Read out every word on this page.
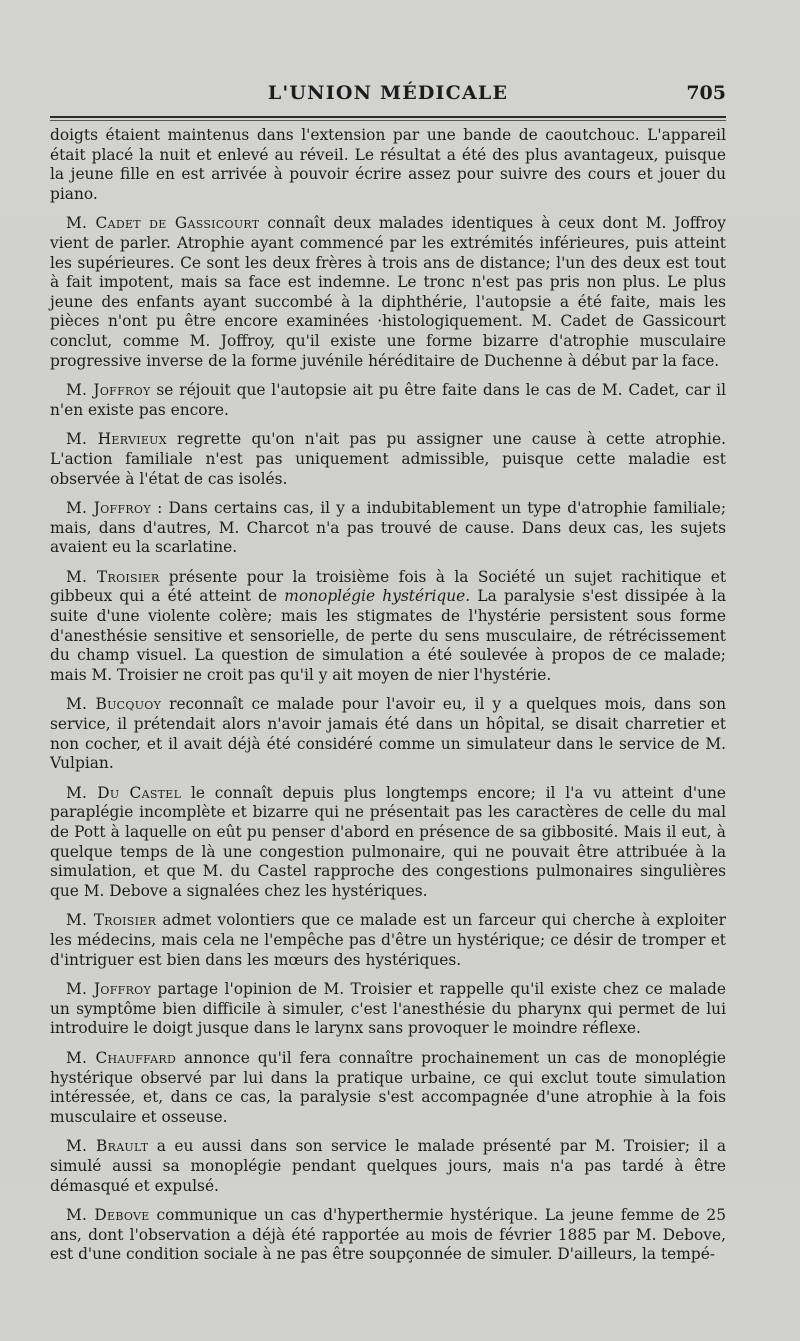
L'UNION MÉDICALE	705

doigts étaient maintenus dans l'extension par une bande de caoutchouc. L'appareil était placé la nuit et enlevé au réveil. Le résultat a été des plus avantageux, puisque la jeune fille en est arrivée à pouvoir écrire assez pour suivre des cours et jouer du piano.

M. Cadet de Gassicourt connaît deux malades identiques à ceux dont M. Joffroy vient de parler. Atrophie ayant commencé par les extrémités inférieures, puis atteint les supérieures. Ce sont les deux frères à trois ans de distance; l'un des deux est tout à fait impotent, mais sa face est indemne. Le tronc n'est pas pris non plus. Le plus jeune des enfants ayant succombé à la diphthérie, l'autopsie a été faite, mais les pièces n'ont pu être encore examinées ·histologiquement. M. Cadet de Gassicourt conclut, comme M. Joffroy, qu'il existe une forme bizarre d'atrophie musculaire progressive inverse de la forme juvénile héréditaire de Duchenne à début par la face.

M. Joffroy se réjouit que l'autopsie ait pu être faite dans le cas de M. Cadet, car il n'en existe pas encore.

M. Hervieux regrette qu'on n'ait pas pu assigner une cause à cette atrophie. L'action familiale n'est pas uniquement admissible, puisque cette maladie est observée à l'état de cas isolés.

M. Joffroy : Dans certains cas, il y a indubitablement un type d'atrophie familiale; mais, dans d'autres, M. Charcot n'a pas trouvé de cause. Dans deux cas, les sujets avaient eu la scarlatine.

M. Troisier présente pour la troisième fois à la Société un sujet rachitique et gibbeux qui a été atteint de monoplégie hystérique. La paralysie s'est dissipée à la suite d'une violente colère; mais les stigmates de l'hystérie persistent sous forme d'anesthésie sensitive et sensorielle, de perte du sens musculaire, de rétrécissement du champ visuel. La question de simulation a été soulevée à propos de ce malade; mais M. Troisier ne croit pas qu'il y ait moyen de nier l'hystérie.

M. Bucquoy reconnaît ce malade pour l'avoir eu, il y a quelques mois, dans son service, il prétendait alors n'avoir jamais été dans un hôpital, se disait charretier et non cocher, et il avait déjà été considéré comme un simulateur dans le service de M. Vulpian.

M. Du Castel le connaît depuis plus longtemps encore; il l'a vu atteint d'une paraplégie incomplète et bizarre qui ne présentait pas les caractères de celle du mal de Pott à laquelle on eût pu penser d'abord en présence de sa gibbosité. Mais il eut, à quelque temps de là une congestion pulmonaire, qui ne pouvait être attribuée à la simulation, et que M. du Castel rapproche des congestions pulmonaires singulières que M. Debove a signalées chez les hystériques.

M. Troisier admet volontiers que ce malade est un farceur qui cherche à exploiter les médecins, mais cela ne l'empêche pas d'être un hystérique; ce désir de tromper et d'intriguer est bien dans les mœurs des hystériques.

M. Joffroy partage l'opinion de M. Troisier et rappelle qu'il existe chez ce malade un symptôme bien difficile à simuler, c'est l'anesthésie du pharynx qui permet de lui introduire le doigt jusque dans le larynx sans provoquer le moindre réflexe.

M. Chauffard annonce qu'il fera connaître prochainement un cas de monoplégie hystérique observé par lui dans la pratique urbaine, ce qui exclut toute simulation intéressée, et, dans ce cas, la paralysie s'est accompagnée d'une atrophie à la fois musculaire et osseuse.

M. Brault a eu aussi dans son service le malade présenté par M. Troisier; il a simulé aussi sa monoplégie pendant quelques jours, mais n'a pas tardé à être démasqué et expulsé.

M. Debove communique un cas d'hyperthermie hystérique. La jeune femme de 25 ans, dont l'observation a déjà été rapportée au mois de février 1885 par M. Debove, est d'une condition sociale à ne pas être soupçonnée de simuler. D'ailleurs, la tempé-
